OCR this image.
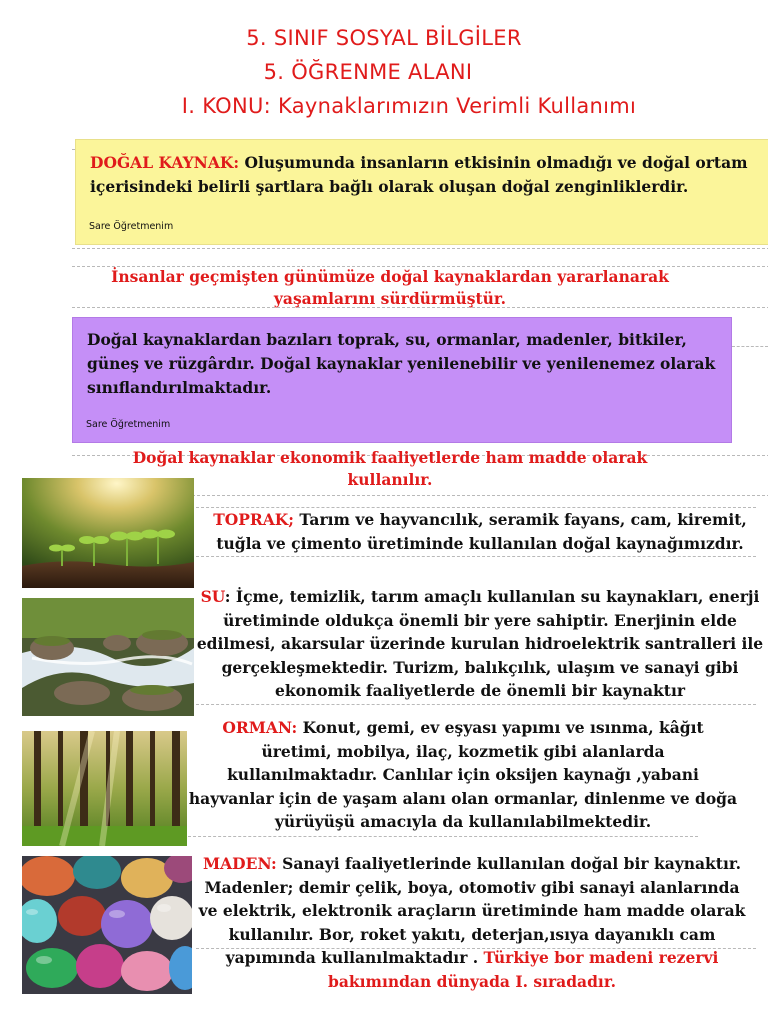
5. SINIF SOSYAL BİLGİLER
5. ÖĞRENME ALANI
I. KONU: Kaynaklarımızın Verimli Kullanımı
DOĞAL KAYNAK: Oluşumunda insanların etkisinin olmadığı ve doğal ortam içerisindeki belirli şartlara bağlı olarak oluşan doğal zenginliklerdir.
Sare Öğretmenim
İnsanlar geçmişten günümüze doğal kaynaklardan yararlanarak yaşamlarını sürdürmüştür.
Doğal kaynaklardan bazıları toprak, su, ormanlar, madenler, bitkiler, güneş ve rüzgârdır. Doğal kaynaklar yenilenebilir ve yenilenemez olarak sınıflandırılmaktadır.
Sare Öğretmenim
Doğal kaynaklar ekonomik faaliyetlerde ham madde olarak kullanılır.
TOPRAK; Tarım ve hayvancılık, seramik fayans, cam, kiremit, tuğla ve çimento üretiminde kullanılan doğal kaynağımızdır.
SU: İçme, temizlik, tarım amaçlı kullanılan su kaynakları, enerji üretiminde oldukça önemli bir yere sahiptir. Enerjinin elde edilmesi, akarsular üzerinde kurulan hidroelektrik santralleri ile gerçekleşmektedir. Turizm, balıkçılık, ulaşım ve sanayi gibi ekonomik faaliyetlerde de önemli bir kaynaktır
ORMAN: Konut, gemi, ev eşyası yapımı ve ısınma, kâğıt üretimi, mobilya, ilaç, kozmetik gibi alanlarda kullanılmaktadır. Canlılar için oksijen kaynağı ,yabani hayvanlar için de yaşam alanı olan ormanlar, dinlenme ve doğa yürüyüşü amacıyla da kullanılabilmektedir.
MADEN: Sanayi faaliyetlerinde kullanılan doğal bir kaynaktır. Madenler; demir çelik, boya, otomotiv gibi sanayi alanlarında ve elektrik, elektronik araçların üretiminde ham madde olarak kullanılır. Bor, roket yakıtı, deterjan,ısıya dayanıklı cam yapımında kullanılmaktadır . Türkiye bor madeni rezervi bakımından dünyada I. sıradadır.
